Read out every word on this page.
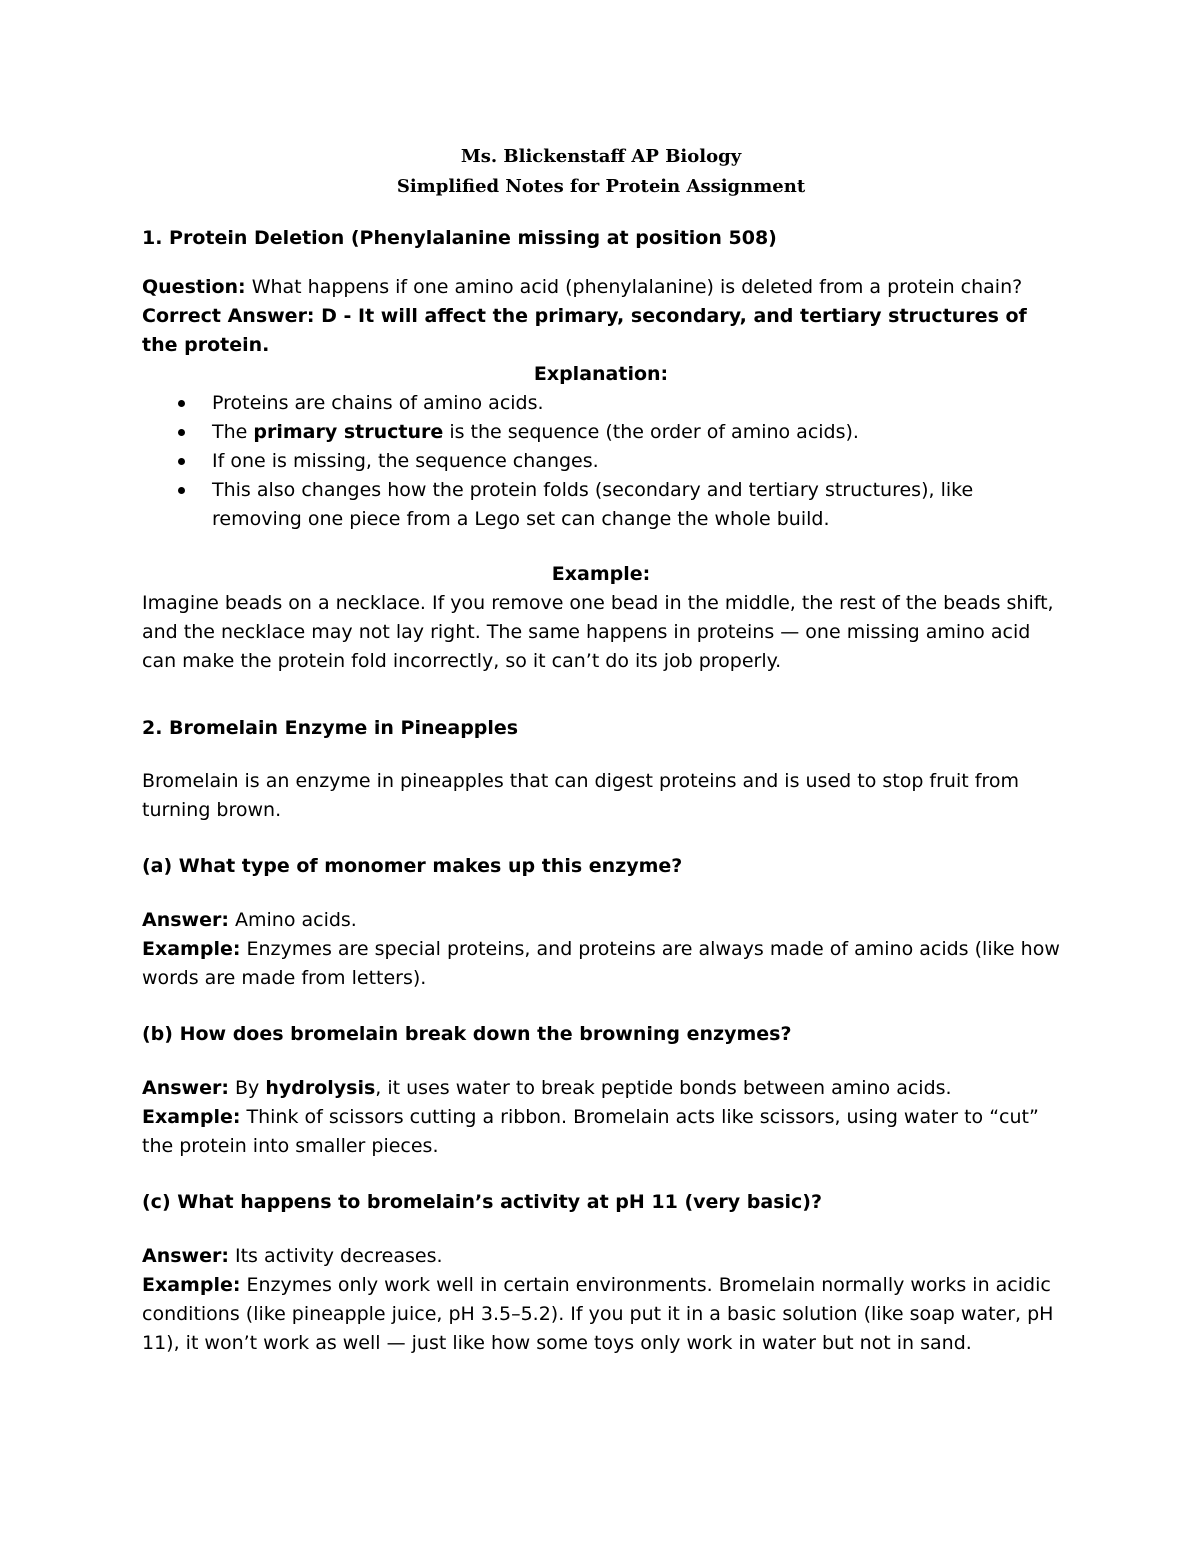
Ms. Blickenstaff AP Biology

Simplified Notes for Protein Assignment

1. Protein Deletion (Phenylalanine missing at position 508)

Question: What happens if one amino acid (phenylalanine) is deleted from a protein chain?

Correct Answer: D - It will affect the primary, secondary, and tertiary structures of the protein.

Explanation:

Proteins are chains of amino acids.
The primary structure is the sequence (the order of amino acids).
If one is missing, the sequence changes.
This also changes how the protein folds (secondary and tertiary structures), like removing one piece from a Lego set can change the whole build.

Example:

Imagine beads on a necklace. If you remove one bead in the middle, the rest of the beads shift, and the necklace may not lay right. The same happens in proteins — one missing amino acid can make the protein fold incorrectly, so it can’t do its job properly.

2. Bromelain Enzyme in Pineapples

Bromelain is an enzyme in pineapples that can digest proteins and is used to stop fruit from turning brown.

(a) What type of monomer makes up this enzyme?

Answer: Amino acids.

Example: Enzymes are special proteins, and proteins are always made of amino acids (like how words are made from letters).

(b) How does bromelain break down the browning enzymes?

Answer: By hydrolysis, it uses water to break peptide bonds between amino acids.

Example: Think of scissors cutting a ribbon. Bromelain acts like scissors, using water to “cut” the protein into smaller pieces.

(c) What happens to bromelain’s activity at pH 11 (very basic)?

Answer: Its activity decreases.

Example: Enzymes only work well in certain environments. Bromelain normally works in acidic conditions (like pineapple juice, pH 3.5–5.2). If you put it in a basic solution (like soap water, pH 11), it won’t work as well — just like how some toys only work in water but not in sand.
